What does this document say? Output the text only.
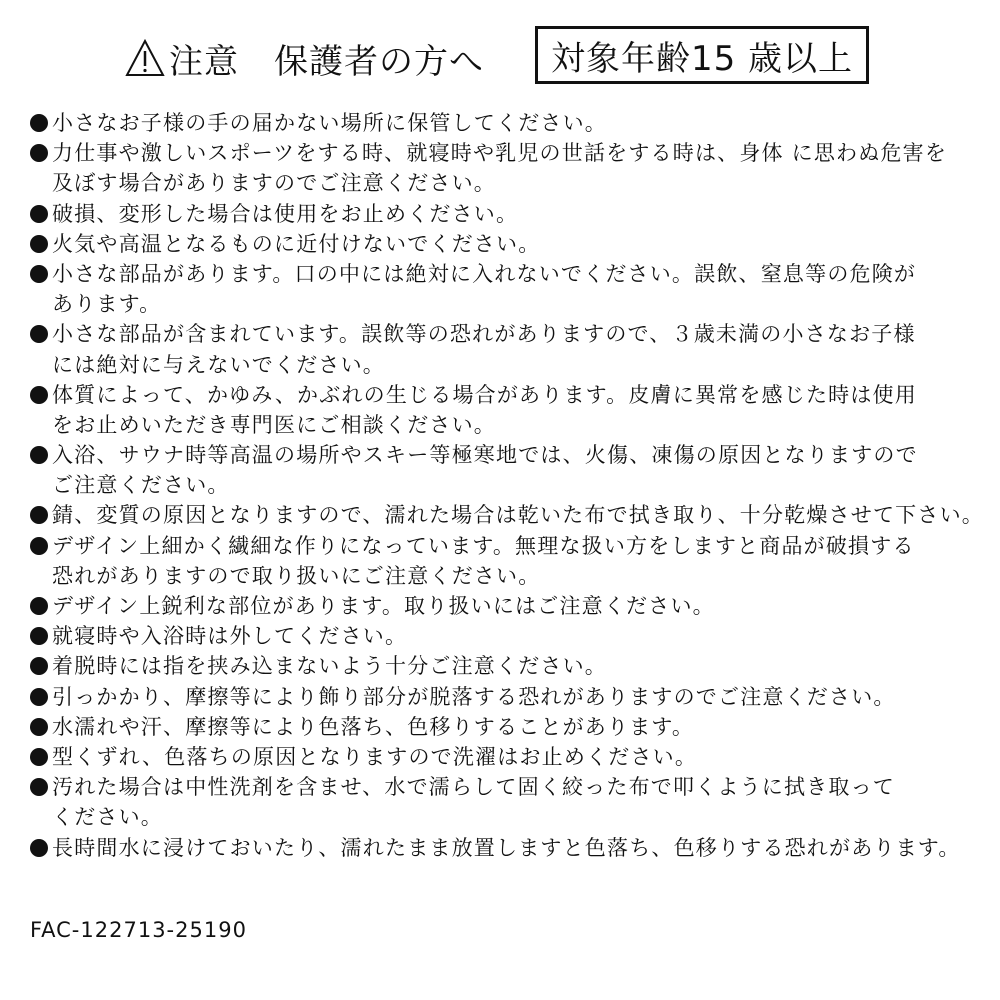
注意　保護者の方へ	対象年齢15 歳以上
小さなお子様の手の届かない場所に保管してください。
力仕事や激しいスポーツをする時、就寝時や乳児の世話をする時は、身体 に思わぬ危害を
及ぼす場合がありますのでご注意ください。
破損、変形した場合は使用をお止めください。
火気や高温となるものに近付けないでください。
小さな部品があります。口の中には絶対に入れないでください。誤飲、窒息等の危険が
あります。
小さな部品が含まれています。誤飲等の恐れがありますので、３歳未満の小さなお子様
には絶対に与えないでください。
体質によって、かゆみ、かぶれの生じる場合があります。皮膚に異常を感じた時は使用
をお止めいただき専門医にご相談ください。
入浴、サウナ時等高温の場所やスキー等極寒地では、火傷、凍傷の原因となりますので
ご注意ください。
錆、変質の原因となりますので、濡れた場合は乾いた布で拭き取り、十分乾燥させて下さい。
デザイン上細かく繊細な作りになっています。無理な扱い方をしますと商品が破損する
恐れがありますので取り扱いにご注意ください。
デザイン上鋭利な部位があります。取り扱いにはご注意ください。
就寝時や入浴時は外してください。
着脱時には指を挟み込まないよう十分ご注意ください。
引っかかり、摩擦等により飾り部分が脱落する恐れがありますのでご注意ください。
水濡れや汗、摩擦等により色落ち、色移りすることがあります。
型くずれ、色落ちの原因となりますので洗濯はお止めください。
汚れた場合は中性洗剤を含ませ、水で濡らして固く絞った布で叩くように拭き取って
ください。
長時間水に浸けておいたり、濡れたまま放置しますと色落ち、色移りする恐れがあります。
FAC-122713-25190
